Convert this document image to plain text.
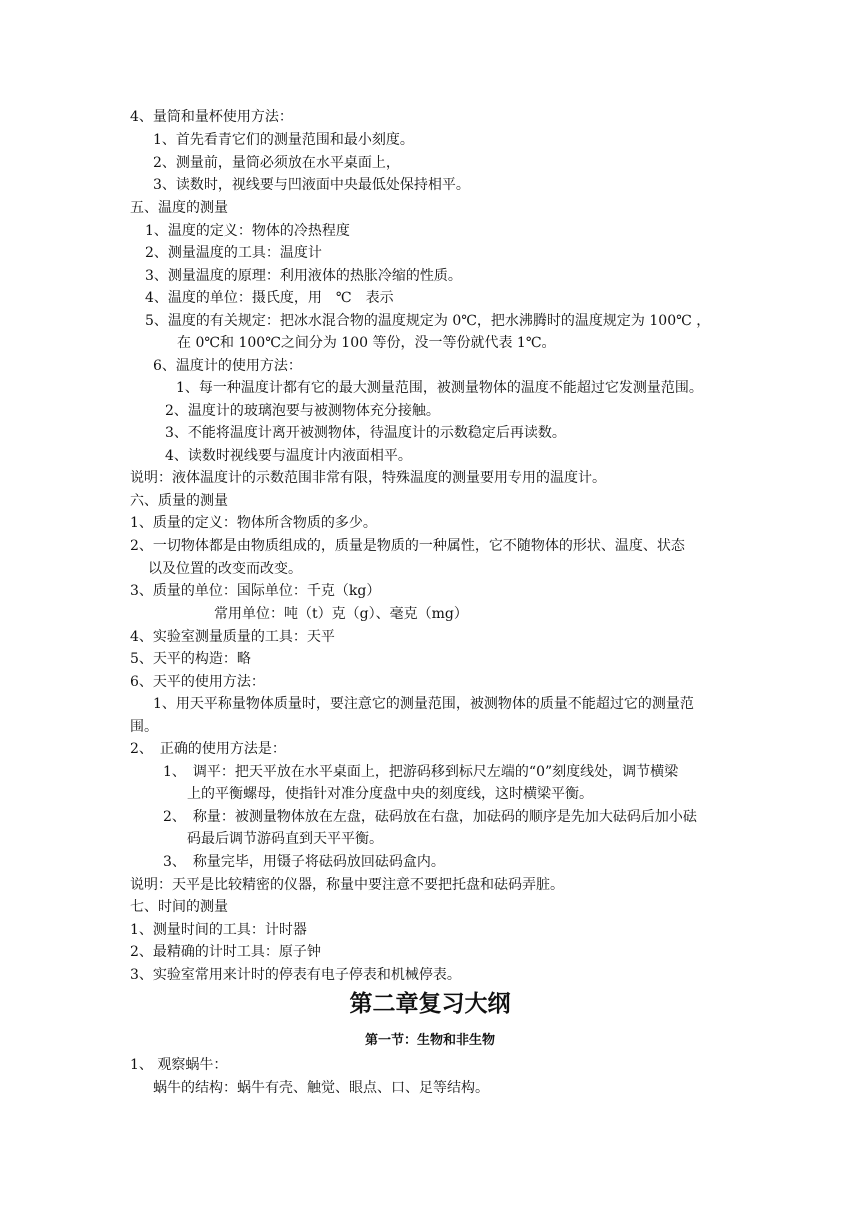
4、量筒和量杯使用方法：
1、首先看青它们的测量范围和最小刻度。
2、测量前，量筒必须放在水平桌面上，
3、读数时，视线要与凹液面中央最低处保持相平。
五、温度的测量
1、温度的定义：物体的冷热程度
2、测量温度的工具：温度计
3、测量温度的原理：利用液体的热胀冷缩的性质。
4、温度的单位：摄氏度，用　℃　表示
5、温度的有关规定：把冰水混合物的温度规定为 0℃，把水沸腾时的温度规定为 100℃ ，
在 0℃和 100℃之间分为 100 等份，没一等份就代表 1℃。
6、温度计的使用方法：
1、每一种温度计都有它的最大测量范围，被测量物体的温度不能超过它发测量范围。
2、温度计的玻璃泡要与被测物体充分接触。
3、不能将温度计离开被测物体，待温度计的示数稳定后再读数。
4、读数时视线要与温度计内液面相平。
说明：液体温度计的示数范围非常有限，特殊温度的测量要用专用的温度计。
六、质量的测量
1、质量的定义：物体所含物质的多少。
2、一切物体都是由物质组成的，质量是物质的一种属性，它不随物体的形状、温度、状态
以及位置的改变而改变。
3、质量的单位：国际单位：千克（kg）
常用单位：吨（t）克（g）、毫克（mg）
4、实验室测量质量的工具：天平
5、天平的构造：略
6、天平的使用方法：
1、用天平称量物体质量时，要注意它的测量范围，被测物体的质量不能超过它的测量范
围。
2、　正确的使用方法是：
1、　调平：把天平放在水平桌面上，把游码移到标尺左端的“0”刻度线处，调节横梁
上的平衡螺母，使指针对准分度盘中央的刻度线，这时横梁平衡。
2、　称量：被测量物体放在左盘，砝码放在右盘，加砝码的顺序是先加大砝码后加小砝
码最后调节游码直到天平平衡。
3、　称量完毕，用镊子将砝码放回砝码盒内。
说明：天平是比较精密的仪器，称量中要注意不要把托盘和砝码弄脏。
七、时间的测量
1、测量时间的工具：计时器
2、最精确的计时工具：原子钟
3、实验室常用来计时的停表有电子停表和机械停表。
第二章复习大纲
第一节：生物和非生物
1、 观察蜗牛：
蜗牛的结构：蜗牛有壳、触觉、眼点、口、足等结构。
